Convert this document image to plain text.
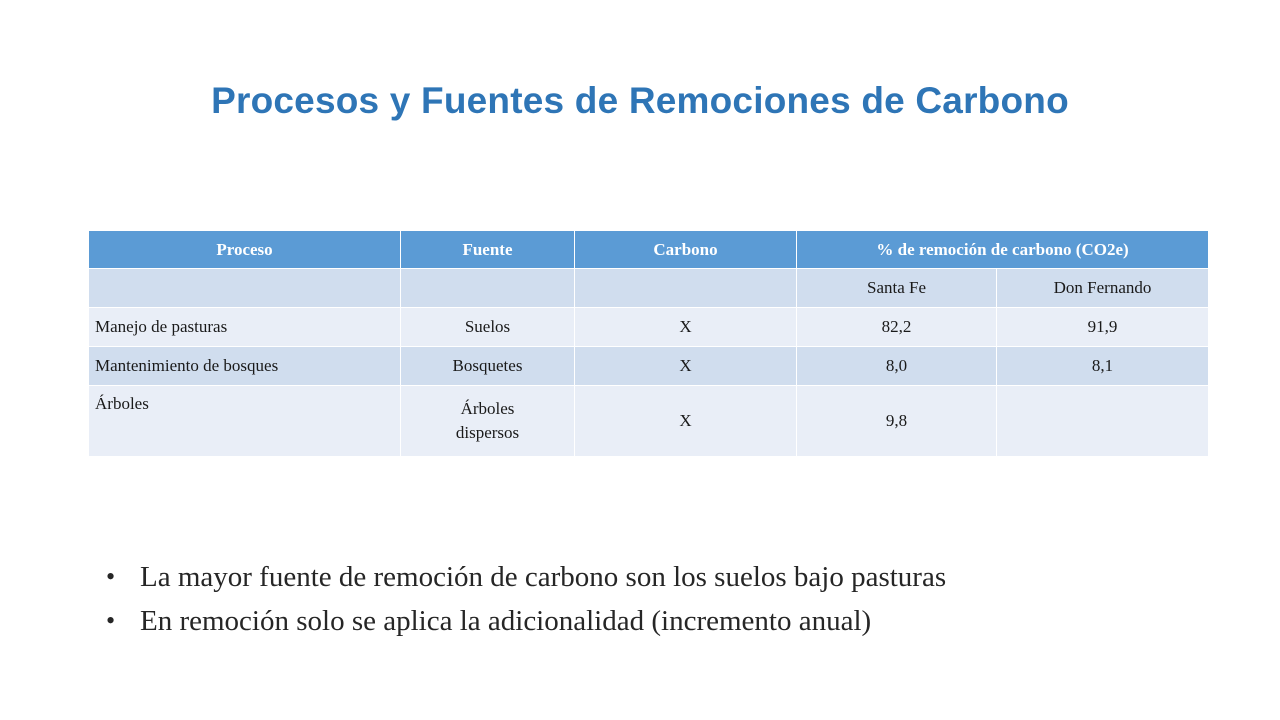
Procesos y Fuentes de Remociones de Carbono
Proceso	Fuente	Carbono	% de remoción de carbono (CO2e)	
			Santa Fe	Don Fernando
Manejo de pasturas	Suelos	X	82,2	91,9
Mantenimiento de bosques	Bosquetes	X	8,0	8,1
Árboles	Árboles dispersos	X	9,8	
• La mayor fuente de remoción de carbono son los suelos bajo pasturas
• En remoción solo se aplica la adicionalidad (incremento anual)
